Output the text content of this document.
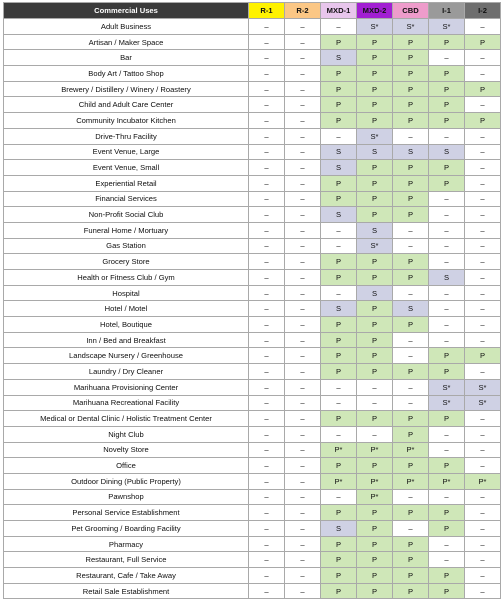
Commercial Uses	R-1	R-2	MXD-1	MXD-2	CBD	I-1	I-2
Adult Business	–	–	–	S*	S*	S*	–
Artisan / Maker Space	–	–	P	P	P	P	P
Bar	–	–	S	P	P	–	–
Body Art / Tattoo Shop	–	–	P	P	P	P	–
Brewery / Distillery / Winery / Roastery	–	–	P	P	P	P	P
Child and Adult Care Center	–	–	P	P	P	P	–
Community Incubator Kitchen	–	–	P	P	P	P	P
Drive-Thru Facility	–	–	–	S*	–	–	–
Event Venue, Large	–	–	S	S	S	S	–
Event Venue, Small	–	–	S	P	P	P	–
Experiential Retail	–	–	P	P	P	P	–
Financial Services	–	–	P	P	P	–	–
Non-Profit Social Club	–	–	S	P	P	–	–
Funeral Home / Mortuary	–	–	–	S	–	–	–
Gas Station	–	–	–	S*	–	–	–
Grocery Store	–	–	P	P	P	–	–
Health or Fitness Club / Gym	–	–	P	P	P	S	–
Hospital	–	–	–	S	–	–	–
Hotel / Motel	–	–	S	P	S	–	–
Hotel, Boutique	–	–	P	P	P	–	–
Inn / Bed and Breakfast	–	–	P	P	–	–	–
Landscape Nursery / Greenhouse	–	–	P	P	–	P	P
Laundry / Dry Cleaner	–	–	P	P	P	P	–
Marihuana Provisioning Center	–	–	–	–	–	S*	S*
Marihuana Recreational Facility	–	–	–	–	–	S*	S*
Medical or Dental Clinic / Holistic Treatment Center	–	–	P	P	P	P	–
Night Club	–	–	–	–	P	–	–
Novelty Store	–	–	P*	P*	P*	–	–
Office	–	–	P	P	P	P	–
Outdoor Dining (Public Property)	–	–	P*	P*	P*	P*	P*
Pawnshop	–	–	–	P*	–	–	–
Personal Service Establishment	–	–	P	P	P	P	–
Pet Grooming / Boarding Facility	–	–	S	P	–	P	–
Pharmacy	–	–	P	P	P	–	–
Restaurant, Full Service	–	–	P	P	P	–	–
Restaurant, Cafe / Take Away	–	–	P	P	P	P	–
Retail Sale Establishment	–	–	P	P	P	P	–
